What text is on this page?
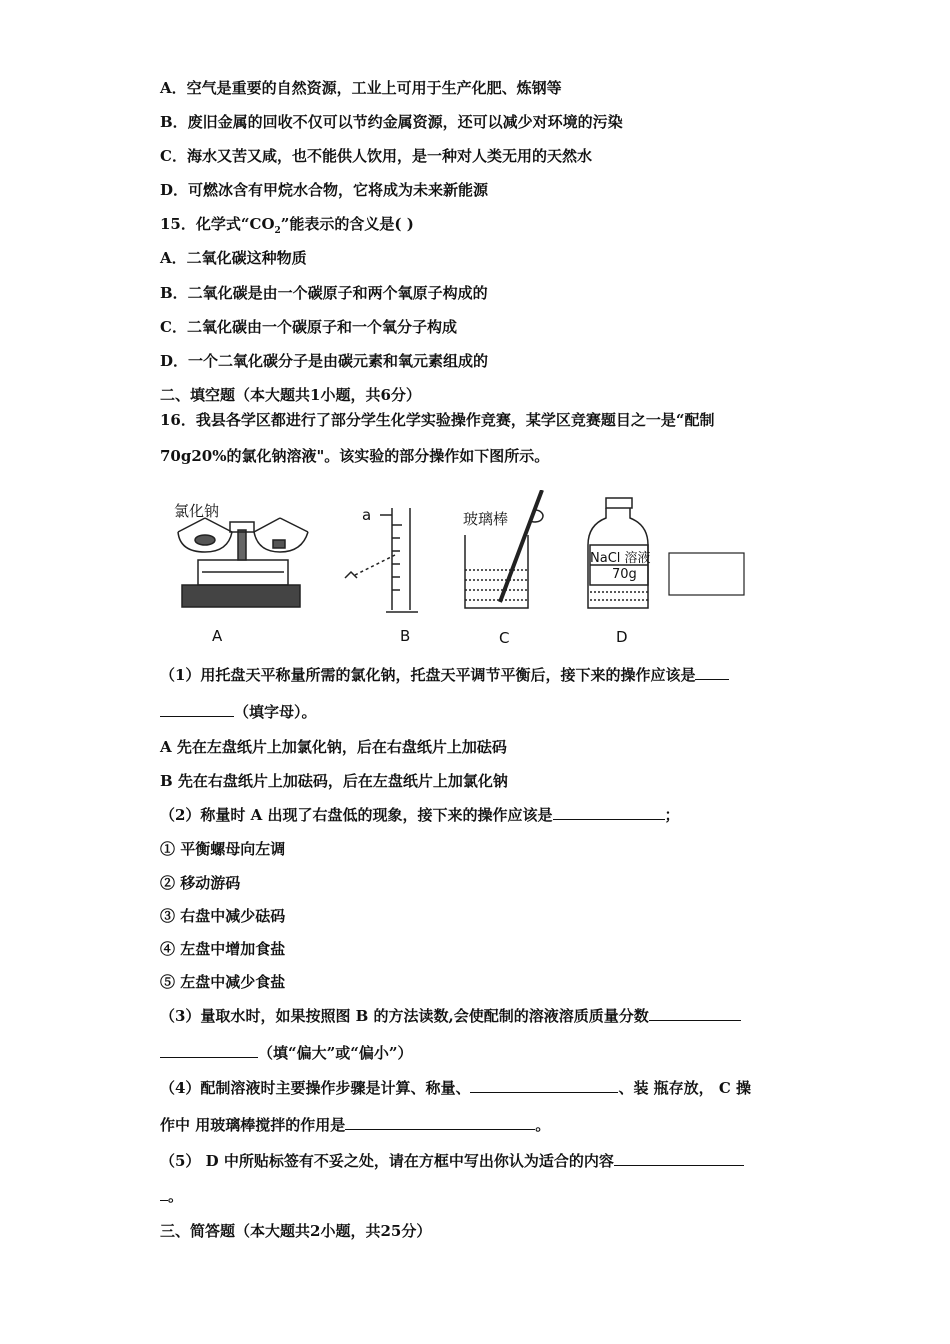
A．空气是重要的自然资源，工业上可用于生产化肥、炼钢等
B．废旧金属的回收不仅可以节约金属资源，还可以减少对环境的污染
C．海水又苦又咸，也不能供人饮用，是一种对人类无用的天然水
D．可燃冰含有甲烷水合物，它将成为未来新能源
15．化学式“$CO_2$”能表示的含义是( )
A．二氧化碳这种物质
B．二氧化碳是由一个碳原子和两个氧原子构成的
C．二氧化碳由一个碳原子和一个氧分子构成
D．一个二氧化碳分子是由碳元素和氧元素组成的
二、填空题（本大题共1小题，共6分）
16．我县各学区都进行了部分学生化学实验操作竞赛，某学区竞赛题目之一是“配制
70g20%的氯化钠溶液"。该实验的部分操作如下图所示。
氯化钠	a	玻璃棒
NaCl 溶液
70g
A	B	C	D
（1）用托盘天平称量所需的氯化钠，托盘天平调节平衡后，接下来的操作应该是
（填字母）。
A 先在左盘纸片上加氯化钠，后在右盘纸片上加砝码
B 先在右盘纸片上加砝码，后在左盘纸片上加氯化钠
（2）称量时 A 出现了右盘低的现象，接下来的操作应该是	；
① 平衡螺母向左调
② 移动游码
③ 右盘中减少砝码
④ 左盘中增加食盐
⑤ 左盘中减少食盐
（3）量取水时，如果按照图 B 的方法读数,会使配制的溶液溶质质量分数
（填“偏大”或“偏小”）
（4）配制溶液时主要操作步骤是计算、称量、	、装 瓶存放， C 操
作中 用玻璃棒搅拌的作用是	。
（5） D 中所贴标签有不妥之处，请在方框中写出你认为适合的内容
。
三、简答题（本大题共2小题，共25分）
